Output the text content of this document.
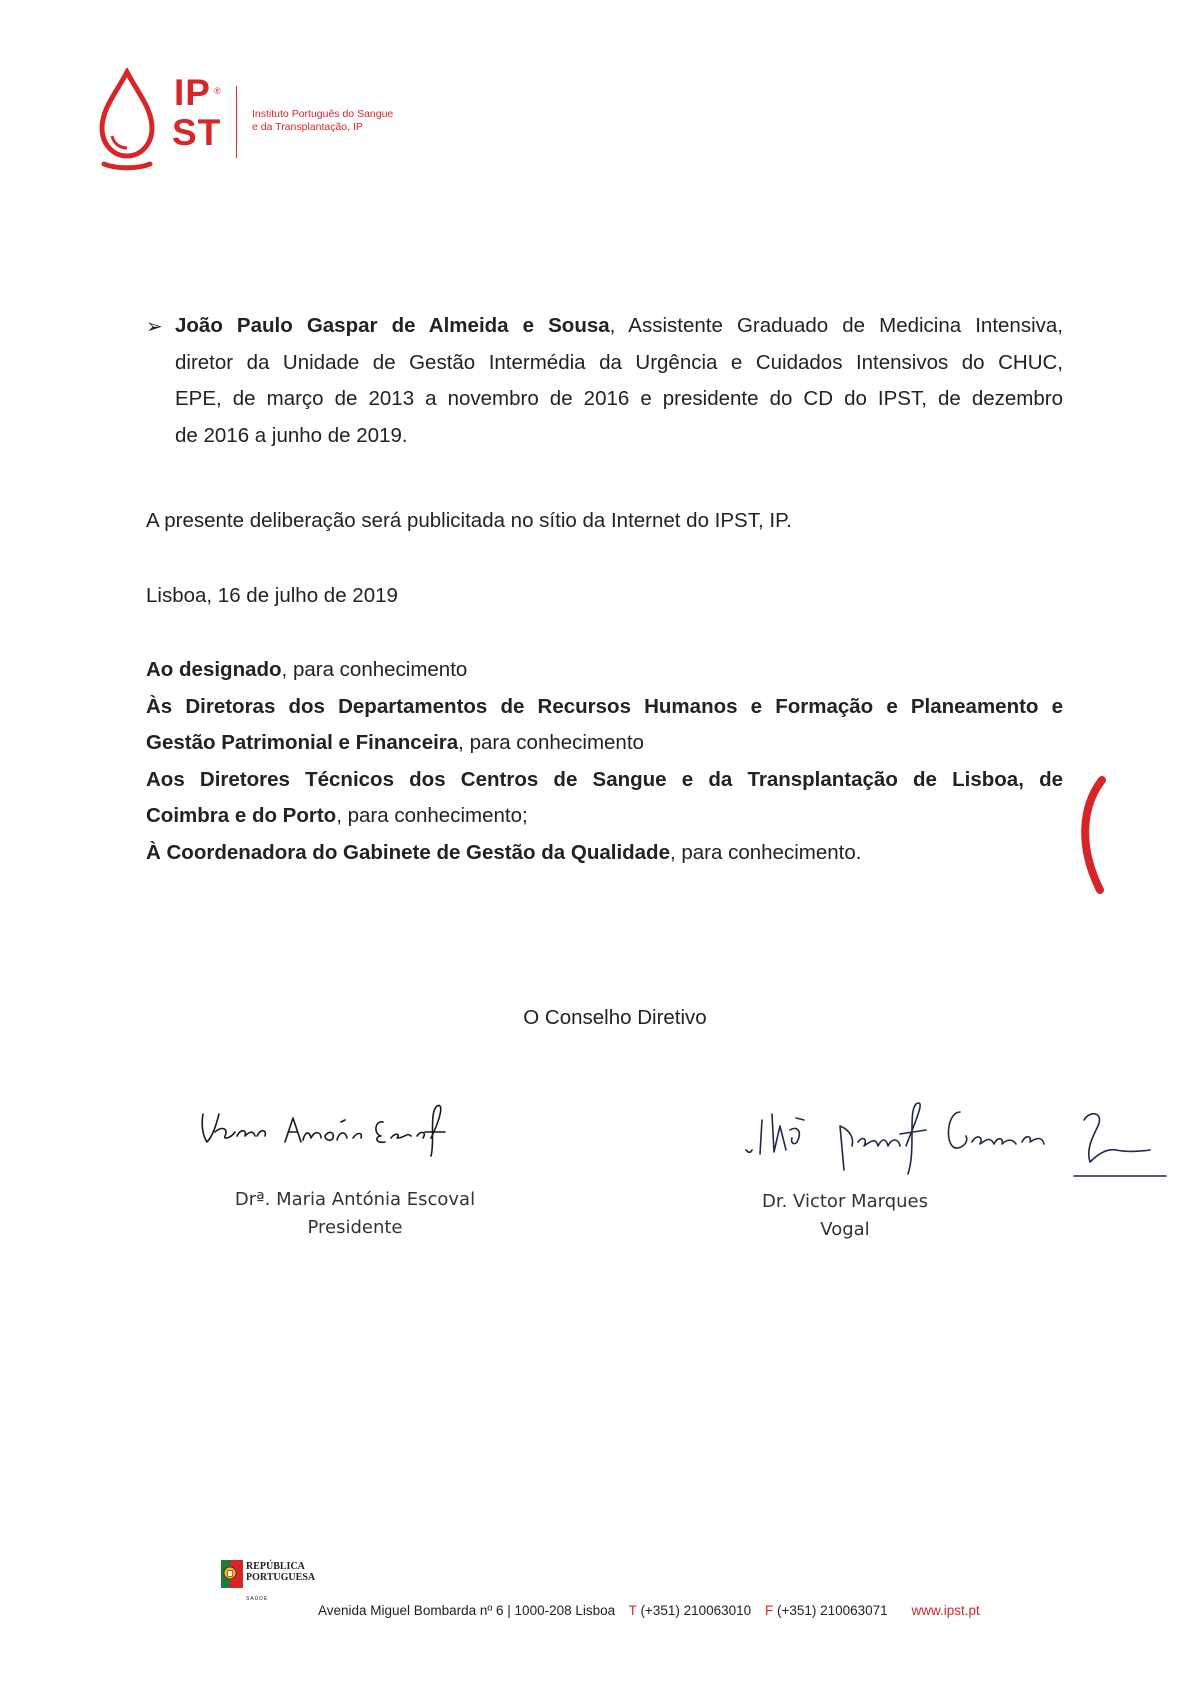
IP ®
ST	Instituto Português do Sangue
e da Transplantação, IP
➢ João Paulo Gaspar de Almeida e Sousa, Assistente Graduado de Medicina Intensiva,
diretor da Unidade de Gestão Intermédia da Urgência e Cuidados Intensivos do CHUC,
EPE, de março de 2013 a novembro de 2016 e presidente do CD do IPST, de dezembro
de 2016 a junho de 2019.
A presente deliberação será publicitada no sítio da Internet do IPST, IP.
Lisboa, 16 de julho de 2019
Ao designado, para conhecimento
Às Diretoras dos Departamentos de Recursos Humanos e Formação e Planeamento e
Gestão Patrimonial e Financeira, para conhecimento
Aos Diretores Técnicos dos Centros de Sangue e da Transplantação de Lisboa, de
Coimbra e do Porto, para conhecimento;
À Coordenadora do Gabinete de Gestão da Qualidade, para conhecimento.
O Conselho Diretivo
Drª. Maria Antónia Escoval
Presidente
Dr. Victor Marques
Vogal
REPÚBLICA
PORTUGUESA
SAÚDE
Avenida Miguel Bombarda nº 6 | 1000-208 Lisboa T (+351) 210063010 F (+351) 210063071 www.ipst.pt
